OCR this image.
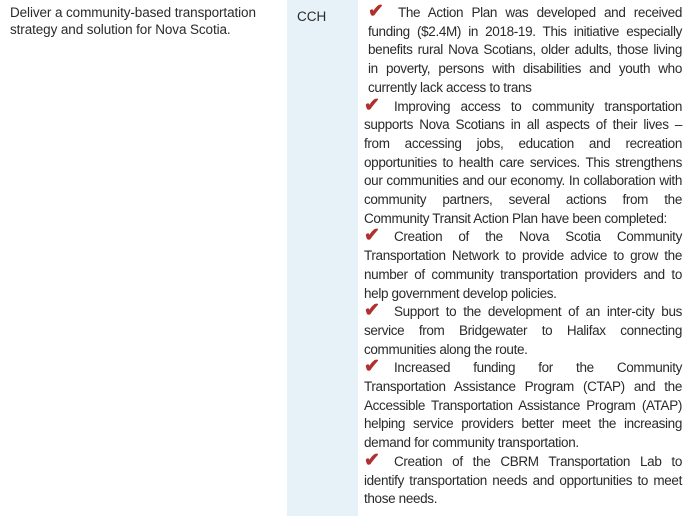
Deliver a community-based transportation strategy and solution for Nova Scotia.
CCH ✔ The Action Plan was developed and received funding ($2.4M) in 2018-19. This initiative especially benefits rural Nova Scotians, older adults, those living in poverty, persons with disabilities and youth who currently lack access to trans

✔ Improving access to community transportation supports Nova Scotians in all aspects of their lives – from accessing jobs, education and recreation opportunities to health care services. This strengthens our communities and our economy. In collaboration with community partners, several actions from the Community Transit Action Plan have been completed:

✔ Creation of the Nova Scotia Community Transportation Network to provide advice to grow the number of community transportation providers and to help government develop policies.

✔ Support to the development of an inter-city bus service from Bridgewater to Halifax connecting communities along the route.

✔ Increased funding for the Community Transportation Assistance Program (CTAP) and the Accessible Transportation Assistance Program (ATAP) helping service providers better meet the increasing demand for community transportation.

✔ Creation of the CBRM Transportation Lab to identify transportation needs and opportunities to meet those needs.
